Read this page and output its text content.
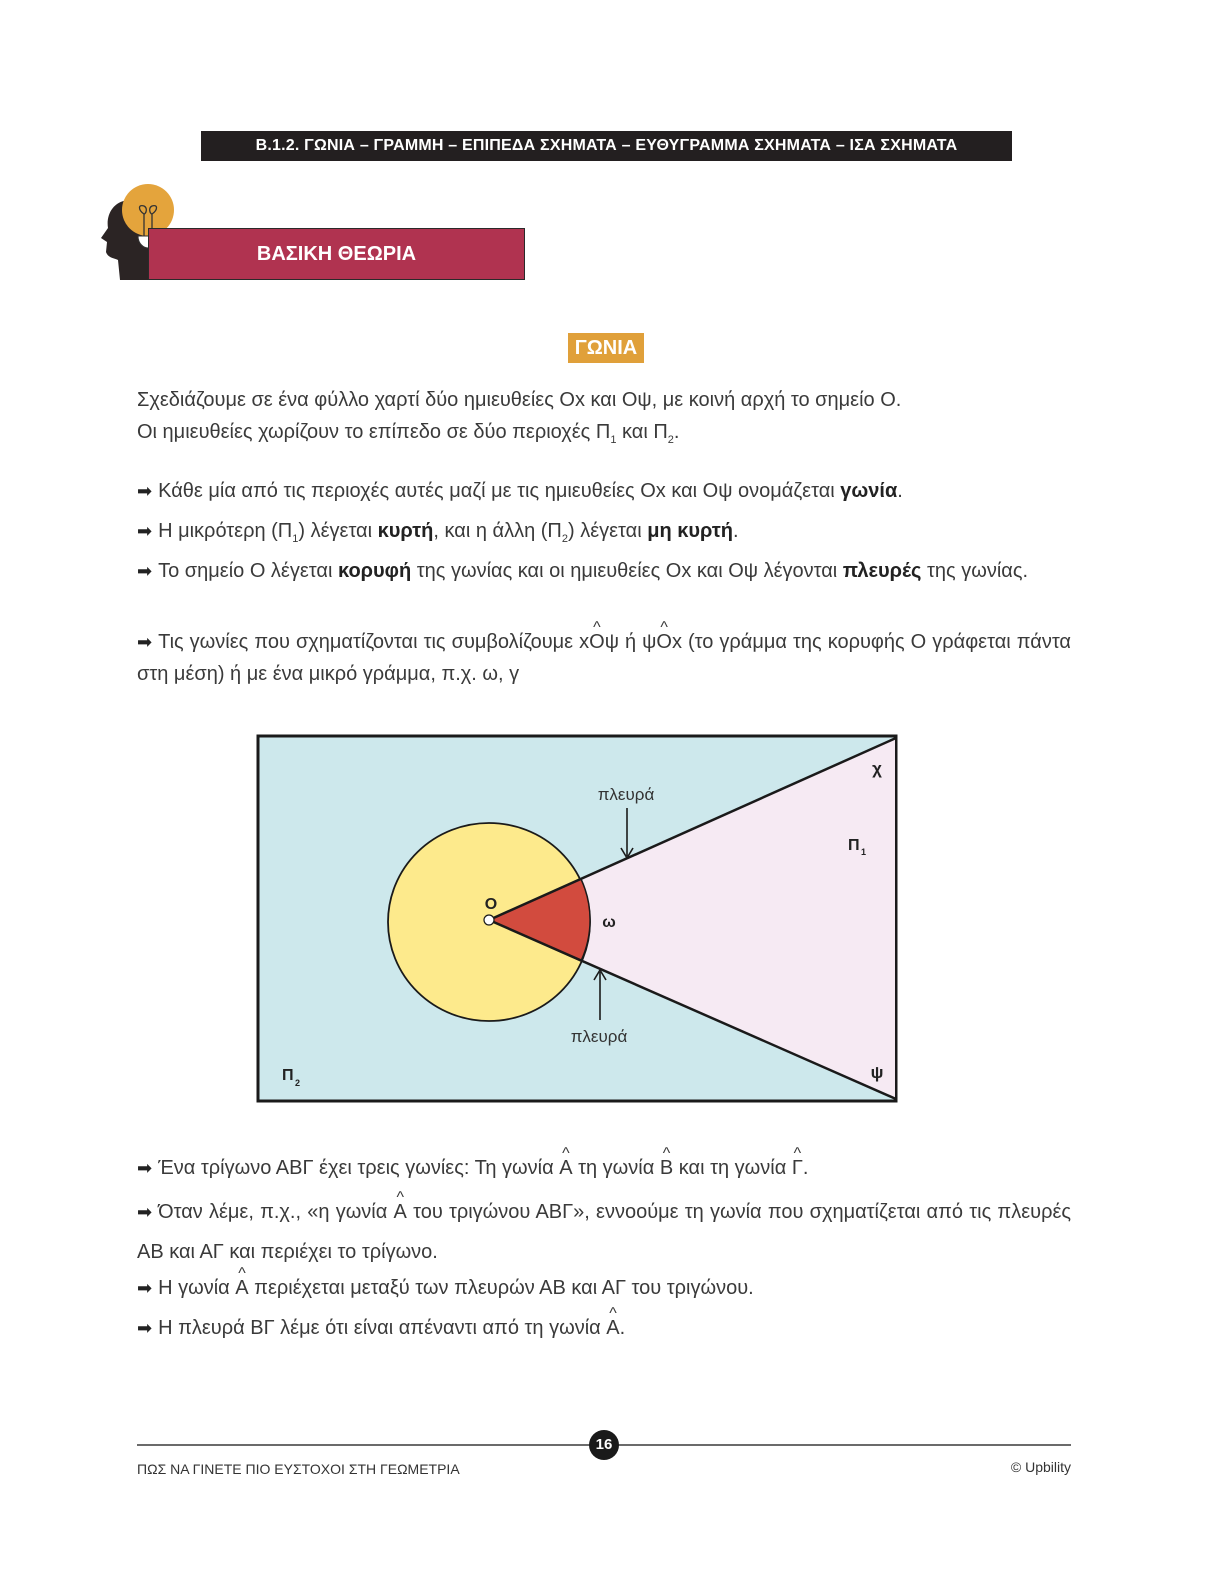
Β.1.2. ΓΩΝΙΑ – ΓΡΑΜΜΗ – ΕΠΙΠΕΔΑ ΣΧΗΜΑΤΑ – ΕΥΘΥΓΡΑΜΜΑ ΣΧΗΜΑΤΑ – ΙΣΑ ΣΧΗΜΑΤΑ
ΒΑΣΙΚΗ ΘΕΩΡΙΑ
ΓΩΝΙΑ
Σχεδιάζουμε σε ένα φύλλο χαρτί δύο ημιευθείες Οx και Οψ, με κοινή αρχή το σημείο Ο.
Οι ημιευθείες χωρίζουν το επίπεδο σε δύο περιοχές $\Pi_1$ και $\Pi_2$.
➡ Κάθε μία από τις περιοχές αυτές μαζί με τις ημιευθείες Οx και Οψ ονομάζεται γωνία.
➡ Η μικρότερη $(\Pi_1)$ λέγεται κυρτή, και η άλλη $(\Pi_2)$ λέγεται μη κυρτή.
➡ Το σημείο Ο λέγεται κορυφή της γωνίας και οι ημιευθείες Οx και Οψ λέγονται πλευρές της γωνίας.
➡ Τις γωνίες που σχηματίζονται τις συμβολίζουμε x^ Οψ ή ψ^ Οx (το γράμμα της κορυφής Ο γράφεται πάντα στη μέση) ή με ένα μικρό γράμμα, π.χ. ω, γ
πλευρά
πλευρά
Ο
ω
χ
ψ
Π 1
Π 2
➡ Ένα τρίγωνο ΑΒΓ έχει τρεις γωνίες: Τη γωνία ^ Α τη γωνία ^ Β και τη γωνία ^ Γ.
➡ Όταν λέμε, π.χ., «η γωνία ^ Α του τριγώνου ΑΒΓ», εννοούμε τη γωνία που σχηματίζεται από τις πλευρές ΑΒ και ΑΓ και περιέχει το τρίγωνο.
➡ Η γωνία ^ Α περιέχεται μεταξύ των πλευρών ΑΒ και ΑΓ του τριγώνου.
➡ Η πλευρά ΒΓ λέμε ότι είναι απέναντι από τη γωνία ^ Α.
16
ΠΩΣ ΝΑ ΓΙΝΕΤΕ ΠΙΟ ΕΥΣΤΟΧΟΙ ΣΤΗ ΓΕΩΜΕΤΡΙΑ	© Upbility
